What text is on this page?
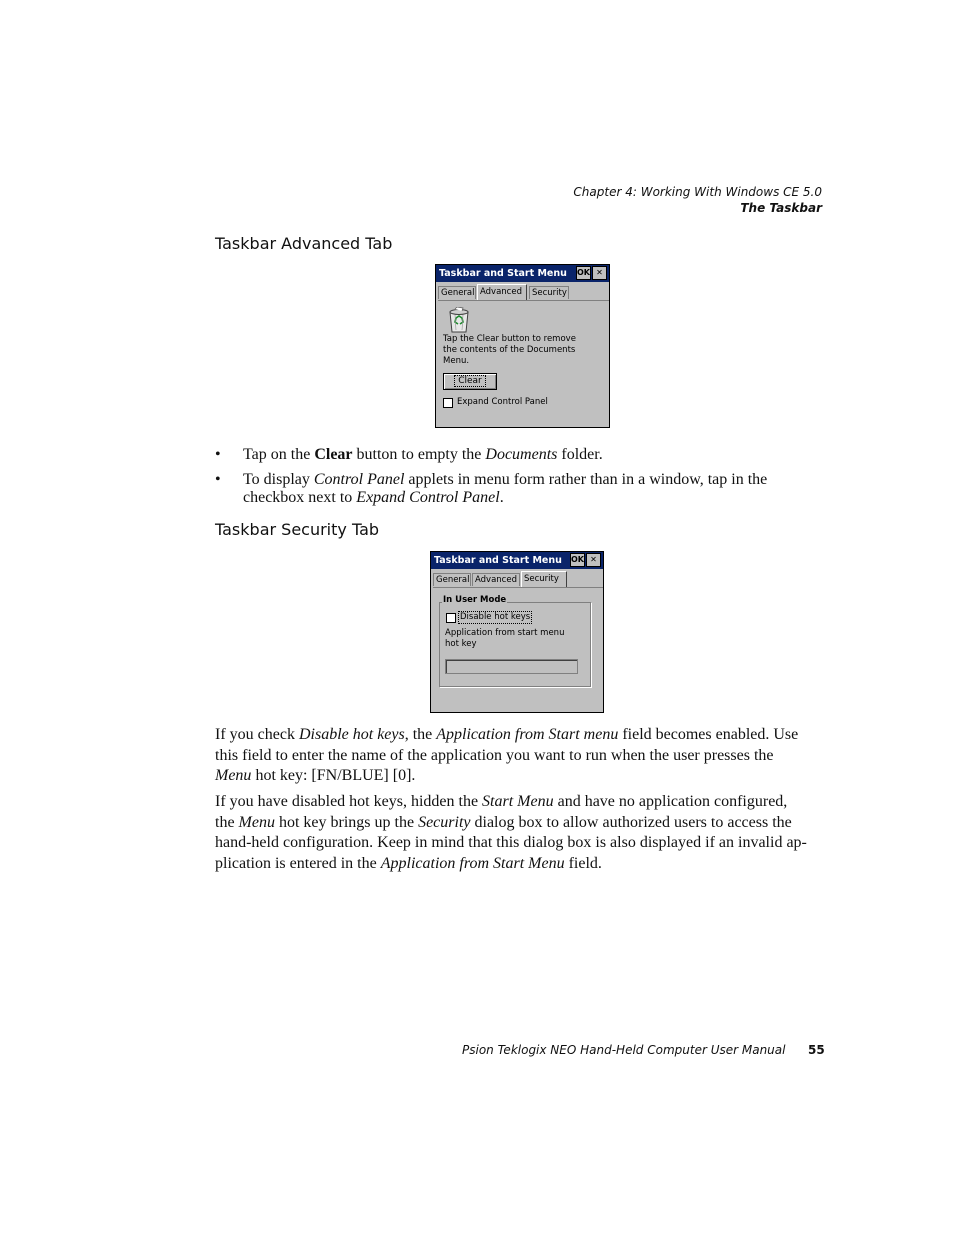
Chapter 4: Working With Windows CE 5.0
The Taskbar
Taskbar Advanced Tab
Taskbar and Start Menu	OK ✕
General Advanced	Security
Tap the Clear button to remove
the contents of the Documents
Menu.
Clear
Expand Control Panel
• Tap on the Clear button to empty the Documents folder.
• To display Control Panel applets in menu form rather than in a window, tap in the
checkbox next to Expand Control Panel.
Taskbar Security Tab
Taskbar and Start Menu	OK ✕
General Advanced Security
In User Mode
Disable hot keys
Application from start menu
hot key
If you check Disable hot keys, the Application from Start menu field becomes enabled. Use
this field to enter the name of the application you want to run when the user presses the
Menu hot key: [FN/BLUE] [0].
If you have disabled hot keys, hidden the Start Menu and have no application configured,
the Menu hot key brings up the Security dialog box to allow authorized users to access the
hand-held configuration. Keep in mind that this dialog box is also displayed if an invalid ap-
plication is entered in the Application from Start Menu field.
Psion Teklogix NEO Hand-Held Computer User Manual 55
